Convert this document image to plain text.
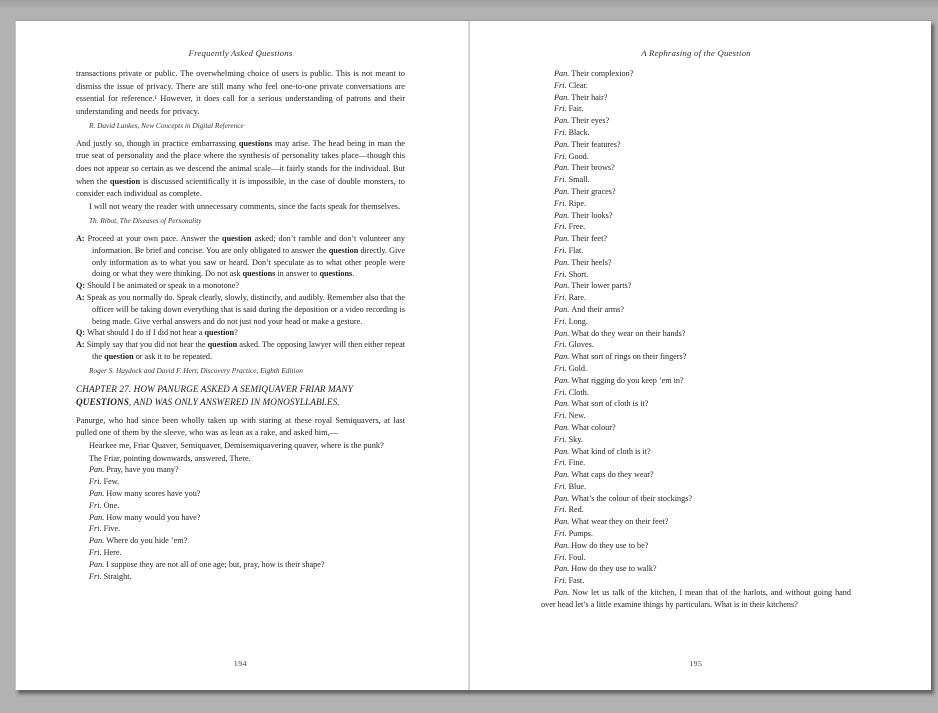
Frequently Asked Questions
transactions private or public. The overwhelming choice of users is public. This is not meant to dismiss the issue of privacy. There are still many who feel one-to-one private conversations are essential for reference.¹ However, it does call for a serious understanding of patrons and their understanding and needs for privacy.
R. David Lankes, New Concepts in Digital Reference
And justly so, though in practice embarrassing questions may arise. The head being in man the true seat of personality and the place where the synthesis of personality takes place—though this does not appear so certain as we descend the animal scale—it fairly stands for the individual. But when the question is discussed scientifically it is impossible, in the case of double monsters, to consider each individual as complete.
I will not weary the reader with unnecessary comments, since the facts speak for themselves.
Th. Ribot, The Diseases of Personality
A: Proceed at your own pace. Answer the question asked; don’t ramble and don’t volunteer any information. Be brief and concise. You are only obligated to answer the question directly. Give only information as to what you saw or heard. Don’t speculate as to what other people were doing or what they were thinking. Do not ask questions in answer to questions.
Q: Should I be animated or speak in a monotone?
A: Speak as you normally do. Speak clearly, slowly, distinctly, and audibly. Remember also that the officer will be taking down everything that is said during the deposition or a video recording is being made. Give verbal answers and do not just nod your head or make a gesture.
Q: What should I do if I did not hear a question?
A: Simply say that you did not hear the question asked. The opposing lawyer will then either repeat the question or ask it to be repeated.
Roger S. Haydock and David F. Herr, Discovery Practice, Eighth Edition
CHAPTER 27. HOW PANURGE ASKED A SEMIQUAVER FRIAR MANY QUESTIONS, AND WAS ONLY ANSWERED IN MONOSYLLABLES.
Panurge, who had since been wholly taken up with staring at these royal Semiquavers, at last pulled one of them by the sleeve, who was as lean as a rake, and asked him,—
Hearkee me, Friar Quaver, Semiquaver, Demisemiquavering quaver, where is the punk?
The Friar, pointing downwards, answered, There.
Pan. Pray, have you many?
Fri. Few.
Pan. How many scores have you?
Fri. One.
Pan. How many would you have?
Fri. Five.
Pan. Where do you hide ’em?
Fri. Here.
Pan. I suppose they are not all of one age; but, pray, how is their shape?
Fri. Straight.
194
A Rephrasing of the Question
Pan. Their complexion?
Fri. Clear.
Pan. Their hair?
Fri. Fair.
Pan. Their eyes?
Fri. Black.
Pan. Their features?
Fri. Good.
Pan. Their brows?
Fri. Small.
Pan. Their graces?
Fri. Ripe.
Pan. Their looks?
Fri. Free.
Pan. Their feet?
Fri. Flat.
Pan. Their heels?
Fri. Short.
Pan. Their lower parts?
Fri. Rare.
Pan. And their arms?
Fri. Long.
Pan. What do they wear on their hands?
Fri. Gloves.
Pan. What sort of rings on their fingers?
Fri. Gold.
Pan. What rigging do you keep ’em in?
Fri. Cloth.
Pan. What sort of cloth is it?
Fri. New.
Pan. What colour?
Fri. Sky.
Pan. What kind of cloth is it?
Fri. Fine.
Pan. What caps do they wear?
Fri. Blue.
Pan. What’s the colour of their stockings?
Fri. Red.
Pan. What wear they on their feet?
Fri. Pumps.
Pan. How do they use to be?
Fri. Foul.
Pan. How do they use to walk?
Fri. Fast.
Pan. Now let us talk of the kitchen, I mean that of the harlots, and without going hand over head let’s a little examine things by particulars. What is in their kitchens?
195
